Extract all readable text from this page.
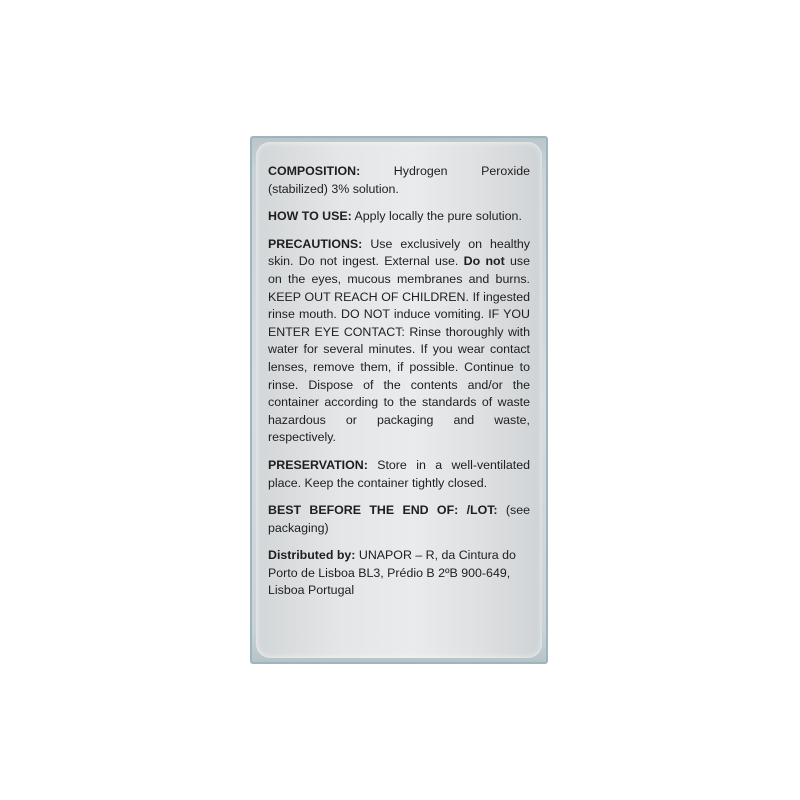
COMPOSITION: Hydrogen Peroxide (stabilized) 3% solution.

HOW TO USE: Apply locally the pure solution.

PRECAUTIONS: Use exclusively on healthy skin. Do not ingest. External use. Do not use on the eyes, mucous membranes and burns. KEEP OUT REACH OF CHILDREN. If ingested rinse mouth. DO NOT induce vomiting. IF YOU ENTER EYE CONTACT: Rinse thoroughly with water for several minutes. If you wear contact lenses, remove them, if possible. Continue to rinse. Dispose of the contents and/or the container according to the standards of waste hazardous or packaging and waste, respectively.

PRESERVATION: Store in a well-ventilated place. Keep the container tightly closed.

BEST BEFORE THE END OF: /LOT: (see packaging)

Distributed by: UNAPOR – R, da Cintura do Porto de Lisboa BL3, Prédio B 2ºB 900-649, Lisboa Portugal
